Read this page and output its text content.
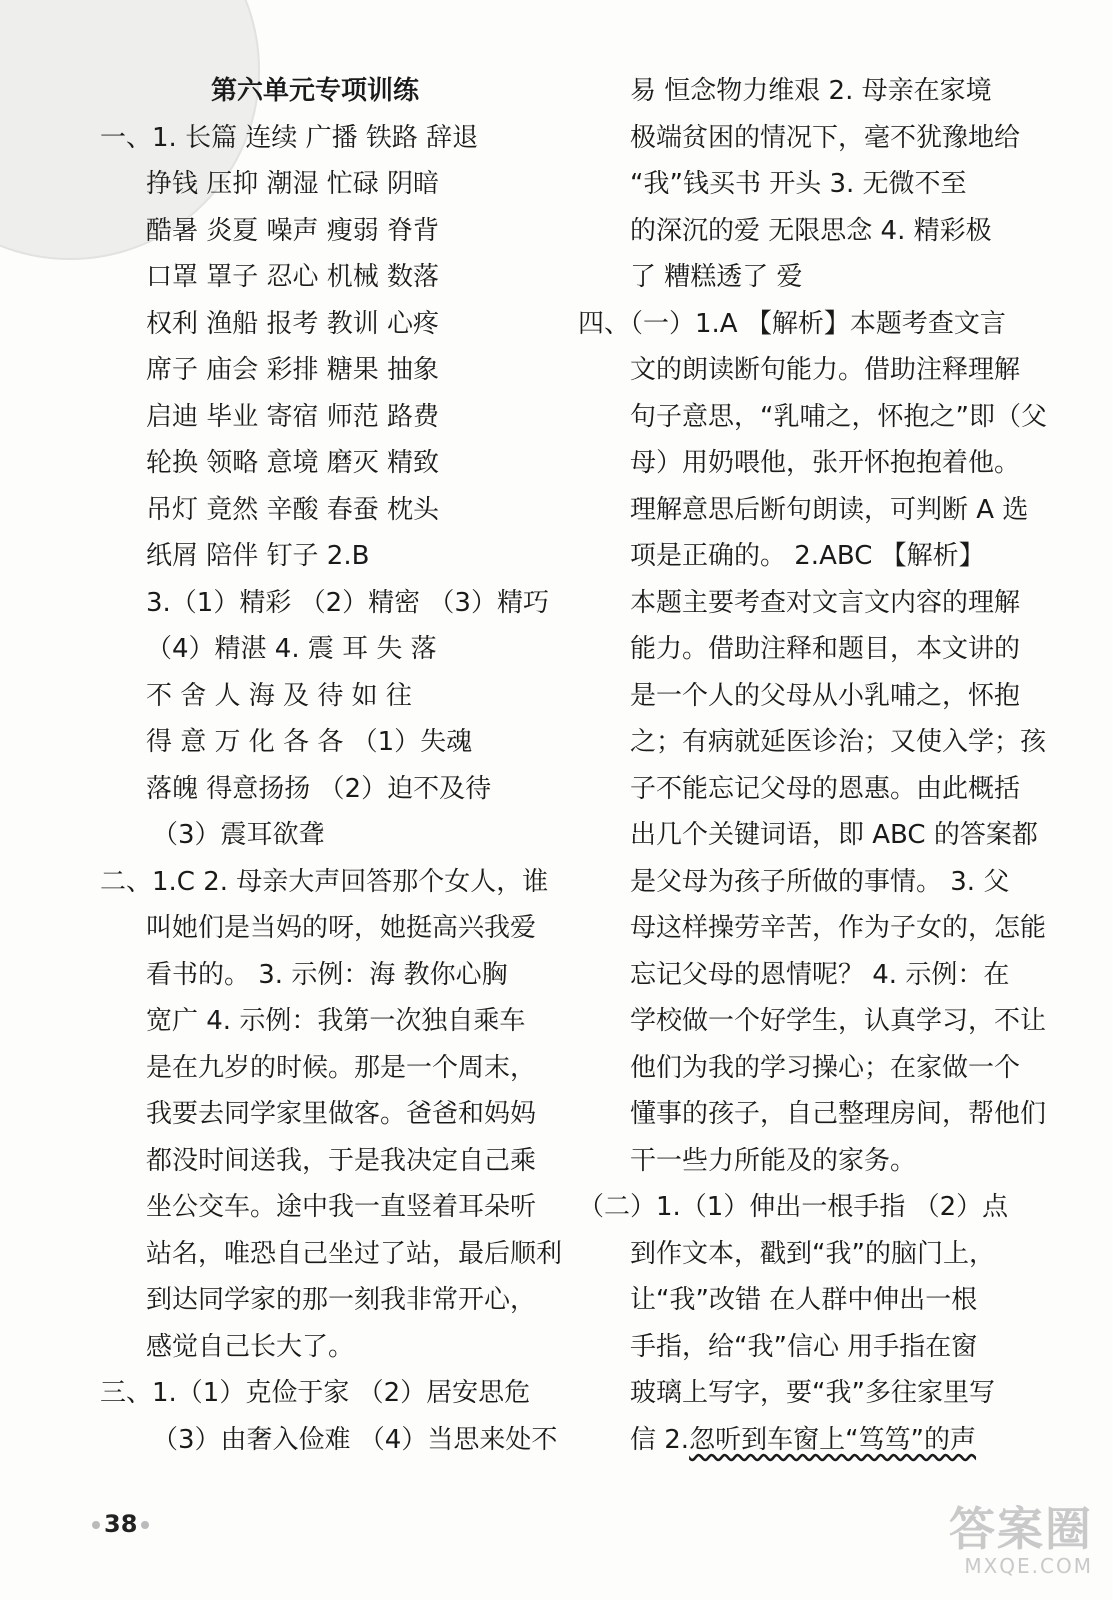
第六单元专项训练
一、1. 长篇 连续 广播 铁路 辞退
挣钱 压抑 潮湿 忙碌 阴暗
酷暑 炎夏 噪声 瘦弱 脊背
口罩 罩子 忍心 机械 数落
权利 渔船 报考 教训 心疼
席子 庙会 彩排 糖果 抽象
启迪 毕业 寄宿 师范 路费
轮换 领略 意境 磨灭 精致
吊灯 竟然 辛酸 春蚕 枕头
纸屑 陪伴 钉子 2.B
3.（1）精彩 （2）精密 （3）精巧
（4）精湛 4. 震 耳 失 落
不 舍 人 海 及 待 如 往
得 意 万 化 各 各 （1）失魂
落魄 得意扬扬 （2）迫不及待
（3）震耳欲聋
二、1.C 2. 母亲大声回答那个女人，谁
叫她们是当妈的呀，她挺高兴我爱
看书的。 3. 示例：海 教你心胸
宽广 4. 示例：我第一次独自乘车
是在九岁的时候。那是一个周末，
我要去同学家里做客。爸爸和妈妈
都没时间送我，于是我决定自己乘
坐公交车。途中我一直竖着耳朵听
站名，唯恐自己坐过了站，最后顺利
到达同学家的那一刻我非常开心，
感觉自己长大了。
三、1.（1）克俭于家 （2）居安思危
（3）由奢入俭难 （4）当思来处不
易 恒念物力维艰 2. 母亲在家境
极端贫困的情况下，毫不犹豫地给
“我”钱买书 开头 3. 无微不至
的深沉的爱 无限思念 4. 精彩极
了 糟糕透了 爱
四、（一）1.A 【解析】本题考查文言
文的朗读断句能力。借助注释理解
句子意思，“乳哺之，怀抱之”即（父
母）用奶喂他，张开怀抱抱着他。
理解意思后断句朗读，可判断 A 选
项是正确的。 2.ABC 【解析】
本题主要考查对文言文内容的理解
能力。借助注释和题目，本文讲的
是一个人的父母从小乳哺之，怀抱
之；有病就延医诊治；又使入学；孩
子不能忘记父母的恩惠。由此概括
出几个关键词语，即 ABC 的答案都
是父母为孩子所做的事情。 3. 父
母这样操劳辛苦，作为子女的，怎能
忘记父母的恩情呢？ 4. 示例：在
学校做一个好学生，认真学习，不让
他们为我的学习操心；在家做一个
懂事的孩子，自己整理房间，帮他们
干一些力所能及的家务。
（二）1.（1）伸出一根手指 （2）点
到作文本，戳到“我”的脑门上，
让“我”改错 在人群中伸出一根
手指，给“我”信心 用手指在窗
玻璃上写字，要“我”多往家里写
信 2.忽听到车窗上“笃笃”的声
38	答案圈
MXQE.COM
